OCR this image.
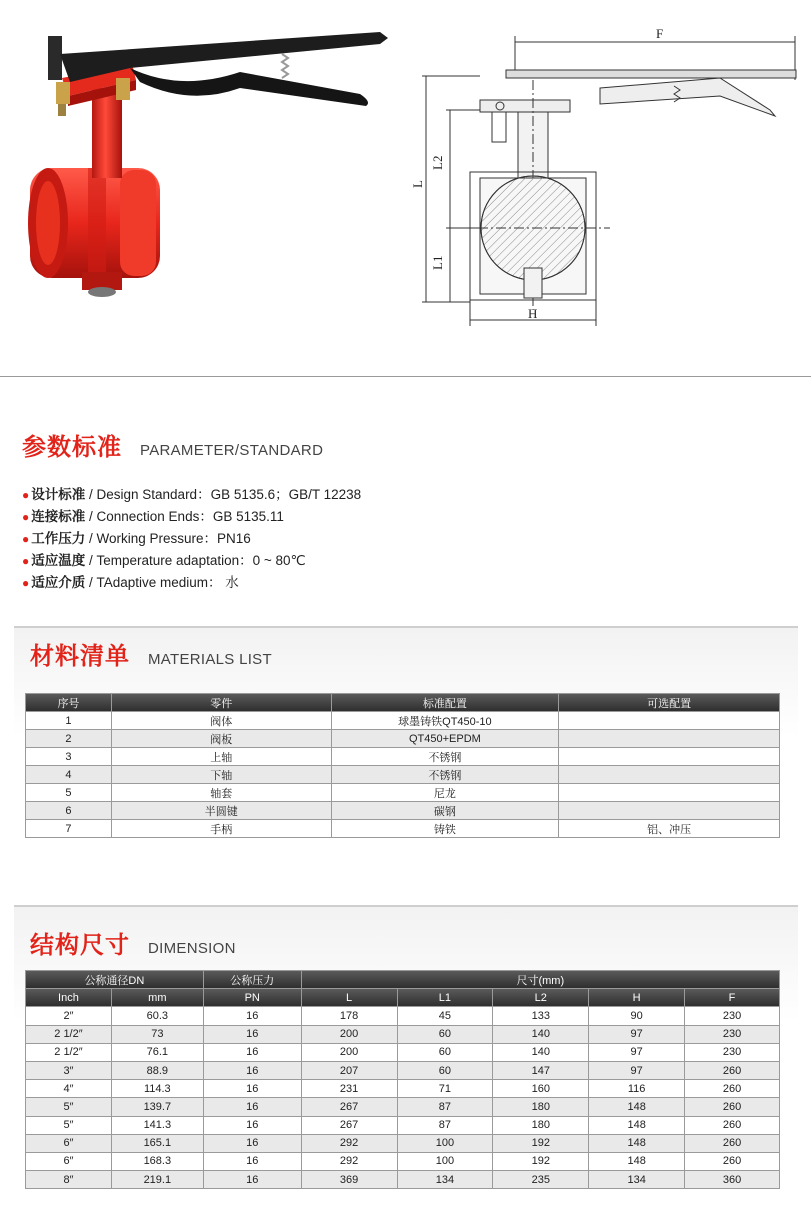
F
L2
L
L1
H
参数标准 PARAMETER/STANDARD
● 设计标准 / Design Standard：GB 5135.6；GB/T 12238
● 连接标准 / Connection Ends：GB 5135.11
● 工作压力 / Working Pressure：PN16
● 适应温度 / Temperature adaptation：0 ~ 80℃
● 适应介质 / TAdaptive medium： 水
材料清单 MATERIALS LIST
序号	零件	标准配置	可选配置
1	阀体	球墨铸铁QT450-10	
2	阀板	QT450+EPDM	
3	上轴	不锈钢	
4	下轴	不锈钢	
5	轴套	尼龙	
6	半圆键	碳钢	
7	手柄	铸铁	铝、冲压
结构尺寸 DIMENSION
公称通径DN		公称压力	尺寸(mm)				
Inch	mm	PN	L	L1	L2	H	F
2″	60.3	16	178	45	133	90	230
2 1/2″	73	16	200	60	140	97	230
2 1/2″	76.1	16	200	60	140	97	230
3″	88.9	16	207	60	147	97	260
4″	114.3	16	231	71	160	116	260
5″	139.7	16	267	87	180	148	260
5″	141.3	16	267	87	180	148	260
6″	165.1	16	292	100	192	148	260
6″	168.3	16	292	100	192	148	260
8″	219.1	16	369	134	235	134	360
